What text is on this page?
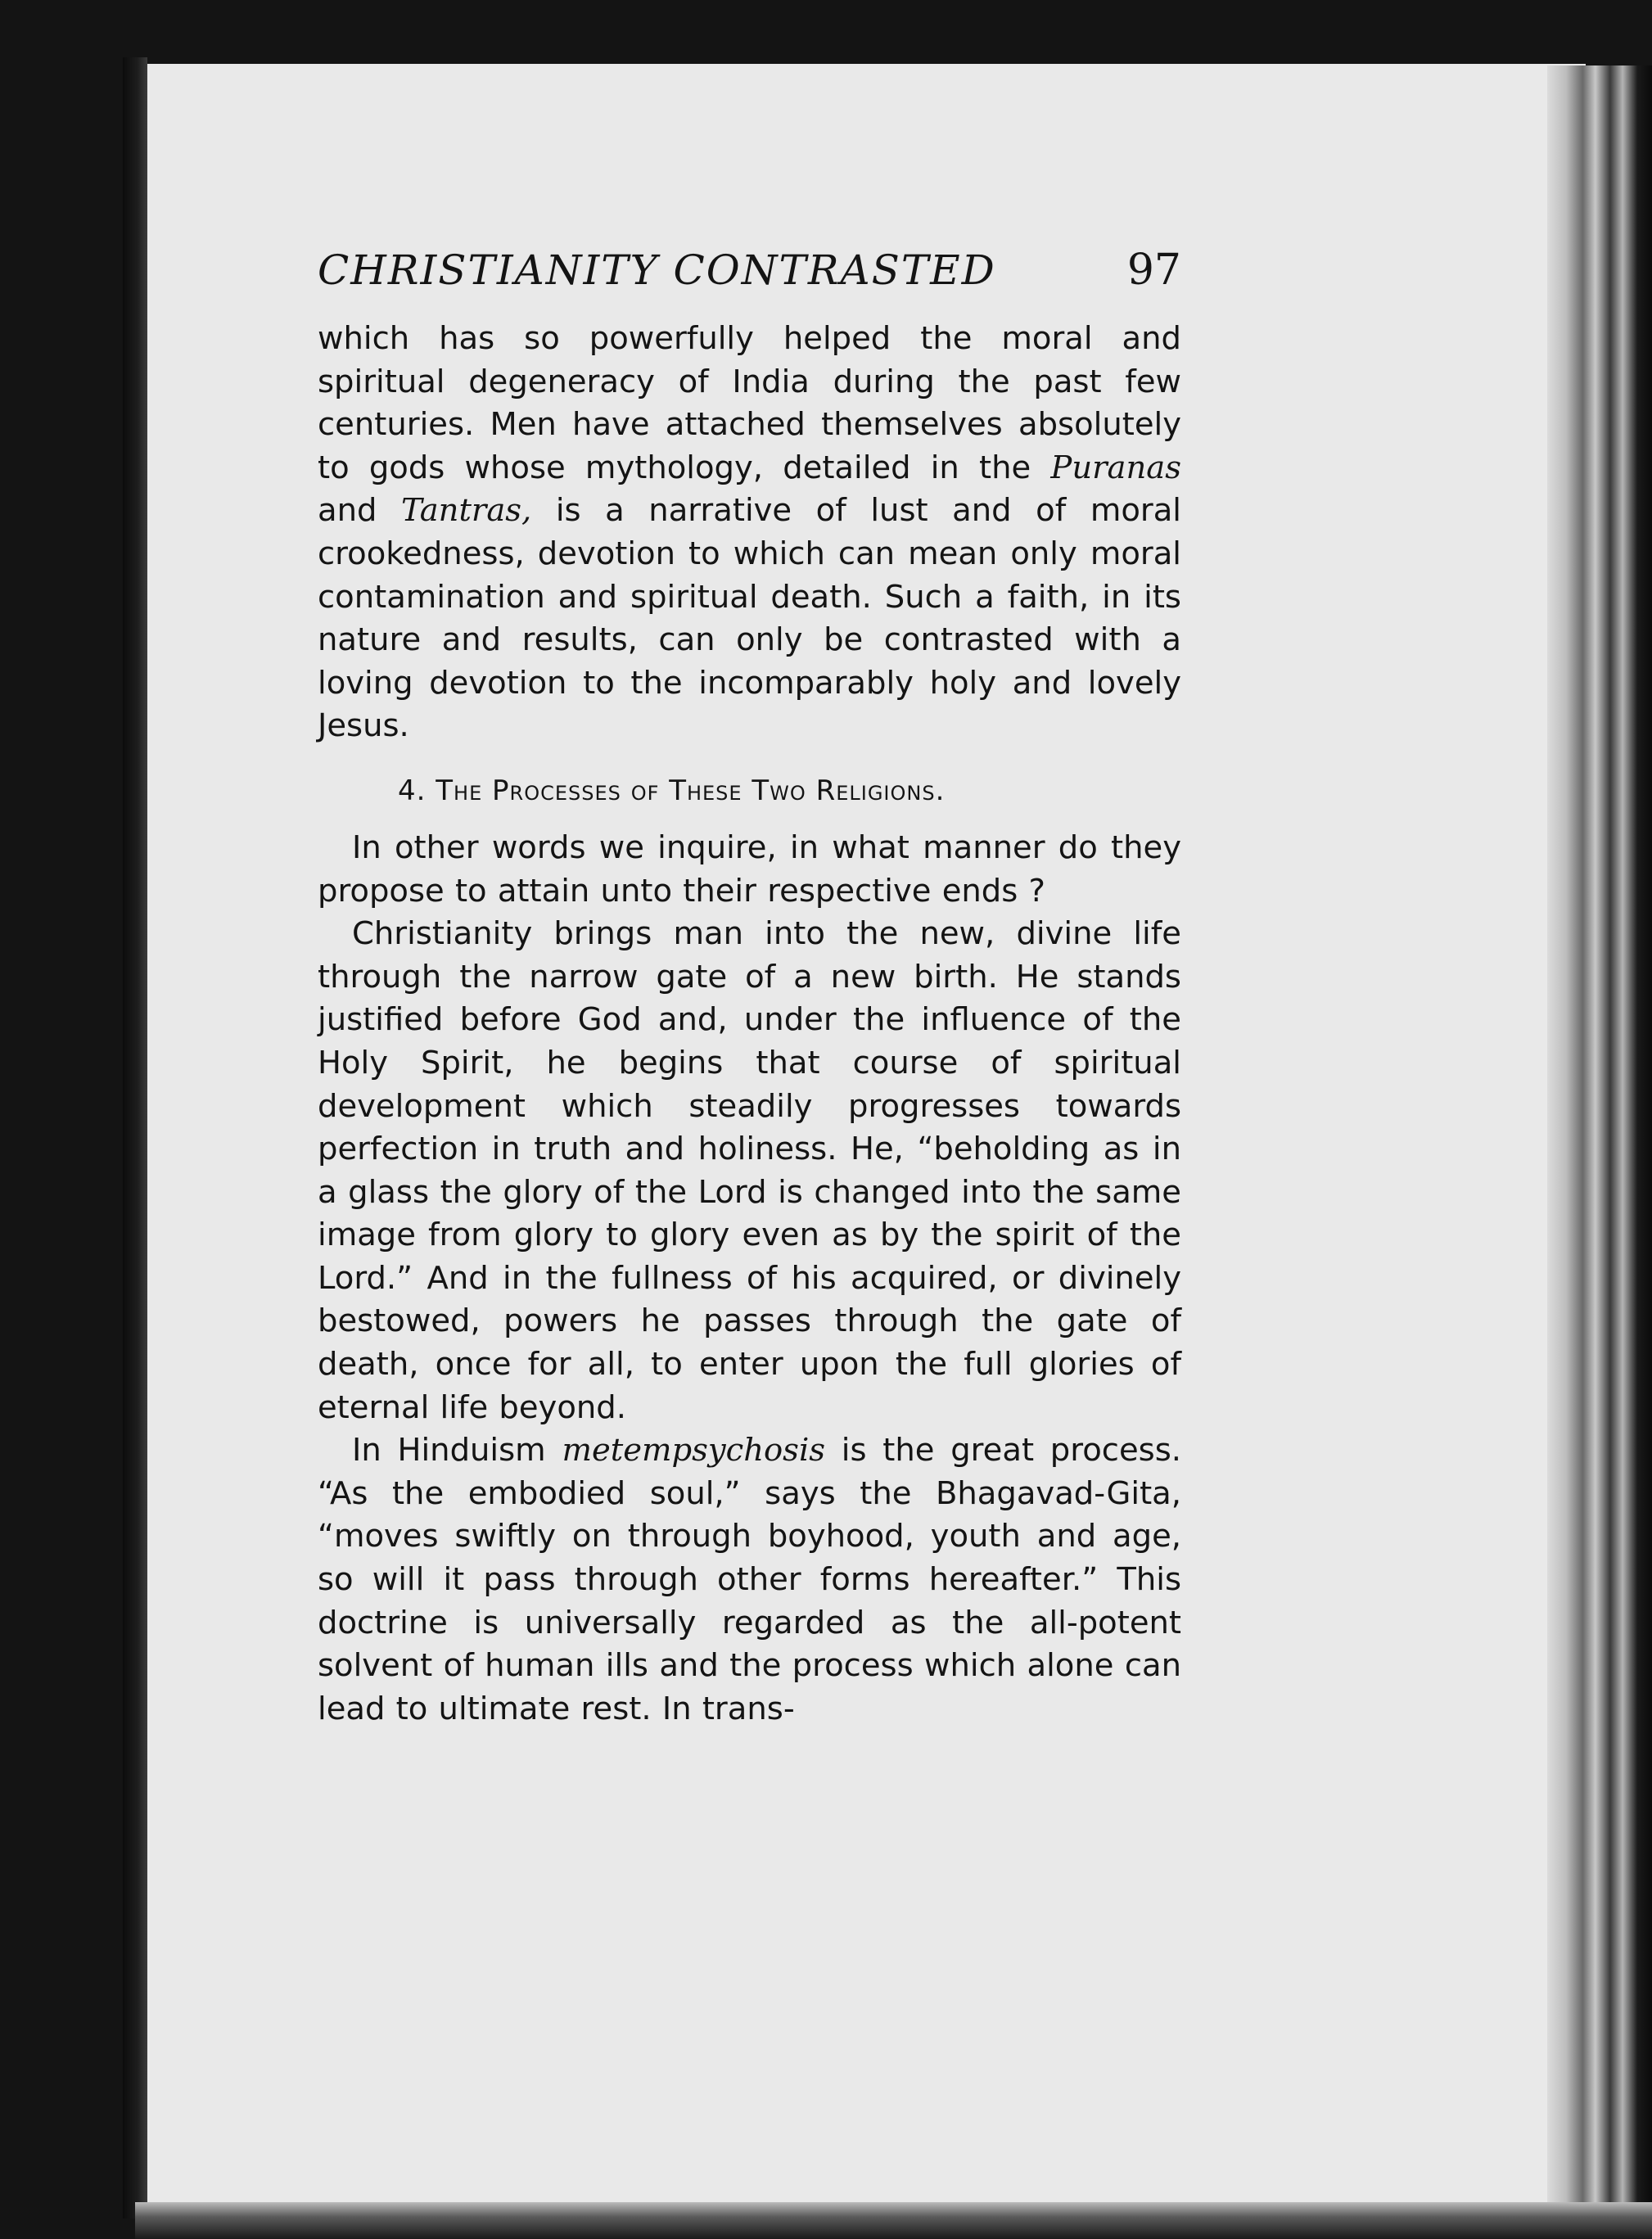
CHRISTIANITY CONTRASTED	97

which has so powerfully helped the moral and spiritual degeneracy of India during the past few centuries. Men have attached themselves absolutely to gods whose mythology, detailed in the Puranas and Tantras, is a narrative of lust and of moral crookedness, devotion to which can mean only moral contamination and spiritual death. Such a faith, in its nature and results, can only be contrasted with a loving devotion to the incomparably holy and lovely Jesus.

4. The Processes of These Two Religions.

In other words we inquire, in what manner do they propose to attain unto their respective ends ?

Christianity brings man into the new, divine life through the narrow gate of a new birth. He stands justified before God and, under the influence of the Holy Spirit, he begins that course of spiritual development which steadily progresses towards perfection in truth and holiness. He, “beholding as in a glass the glory of the Lord is changed into the same image from glory to glory even as by the spirit of the Lord.” And in the fullness of his acquired, or divinely bestowed, powers he passes through the gate of death, once for all, to enter upon the full glories of eternal life beyond.

In Hinduism metempsychosis is the great process. “As the embodied soul,” says the Bhagavad-Gita, “moves swiftly on through boyhood, youth and age, so will it pass through other forms hereafter.” This doctrine is universally regarded as the all-potent solvent of human ills and the process which alone can lead to ultimate rest. In trans-
